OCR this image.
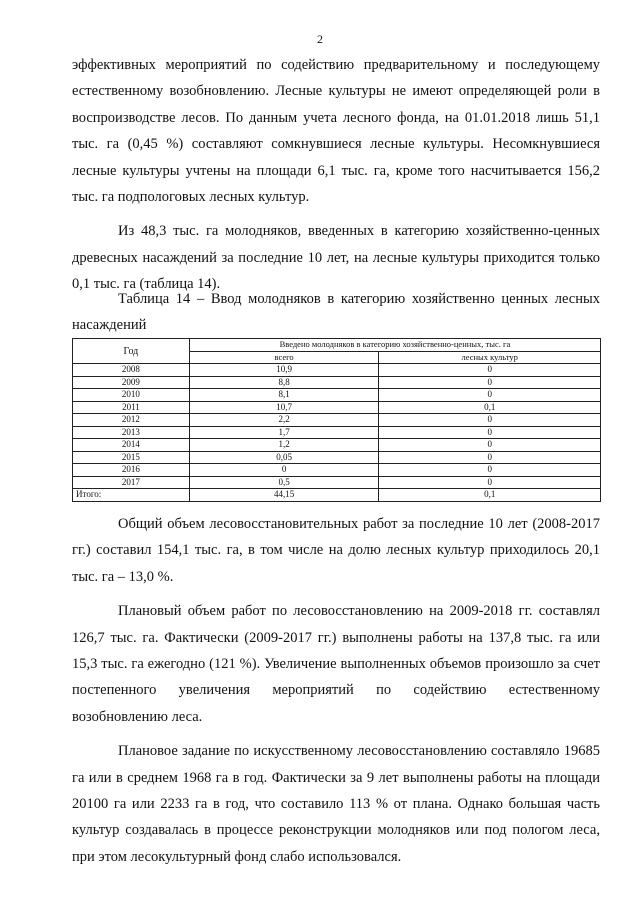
2

эффективных мероприятий по содействию предварительному и последующему естественному возобновлению. Лесные культуры не имеют определяющей роли в воспроизводстве лесов. По данным учета лесного фонда, на 01.01.2018 лишь 51,1 тыс. га (0,45 %) составляют сомкнувшиеся лесные культуры. Несомкнувшиеся лесные культуры учтены на площади 6,1 тыс. га, кроме того насчитывается 156,2 тыс. га подпологовых лесных культур.

Из 48,3 тыс. га молодняков, введенных в категорию хозяйственно-ценных древесных насаждений за последние 10 лет, на лесные культуры приходится только 0,1 тыс. га (таблица 14).

Таблица 14 – Ввод молодняков в категорию хозяйственно ценных лесных насаждений
Год	Введено молодняков в категорию хозяйственно-ценных, тыс. га	
	всего	лесных культур
2008	10,9	0
2009	8,8	0
2010	8,1	0
2011	10,7	0,1
2012	2,2	0
2013	1,7	0
2014	1,2	0
2015	0,05	0
2016	0	0
2017	0,5	0
Итого:	44,15	0,1

Общий объем лесовосстановительных работ за последние 10 лет (2008-2017 гг.) составил 154,1 тыс. га, в том числе на долю лесных культур приходилось 20,1 тыс. га – 13,0 %.

Плановый объем работ по лесовосстановлению на 2009-2018 гг. составлял 126,7 тыс. га. Фактически (2009-2017 гг.) выполнены работы на 137,8 тыс. га или 15,3 тыс. га ежегодно (121 %). Увеличение выполненных объемов произошло за счет постепенного увеличения мероприятий по содействию естественному возобновлению леса.

Плановое задание по искусственному лесовосстановлению составляло 19685 га или в среднем 1968 га в год. Фактически за 9 лет выполнены работы на площади 20100 га или 2233 га в год, что составило 113 % от плана. Однако большая часть культур создавалась в процессе реконструкции молодняков или под пологом леса, при этом лесокультурный фонд слабо использовался.
